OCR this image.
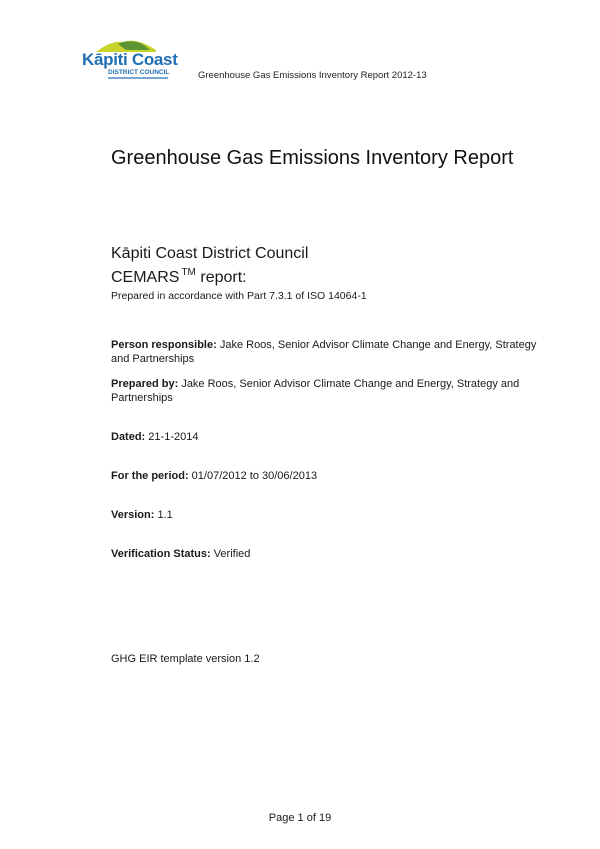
Kāpiti Coast
DISTRICT COUNCIL	Greenhouse Gas Emissions Inventory Report 2012-13
Greenhouse Gas Emissions Inventory Report
Kāpiti Coast District Council
CEMARS ™ report:
Prepared in accordance with Part 7.3.1 of ISO 14064-1
Person responsible: Jake Roos, Senior Advisor Climate Change and Energy, Strategy and Partnerships
Prepared by: Jake Roos, Senior Advisor Climate Change and Energy, Strategy and Partnerships
Dated: 21-1-2014
For the period: 01/07/2012 to 30/06/2013
Version: 1.1
Verification Status: Verified
GHG EIR template version 1.2
Page 1 of 19
